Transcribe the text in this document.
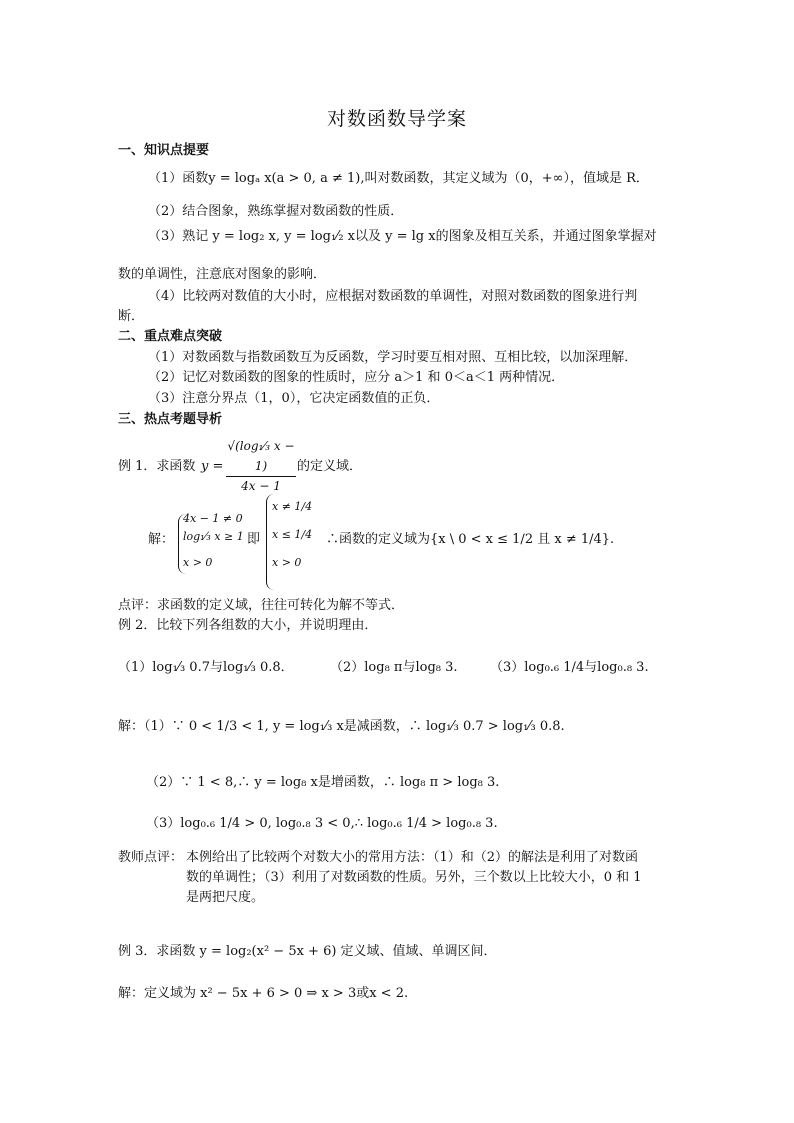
对数函数导学案
一、知识点提要
（1）函数y = logₐ x(a > 0, a ≠ 1),叫对数函数，其定义域为（0，+∞），值域是 R．
（2）结合图象，熟练掌握对数函数的性质．
（3）熟记 y = log₂ x, y = log₁⁄₂ x以及 y = lg x的图象及相互关系，并通过图象掌握对
数的单调性，注意底对图象的影响．
（4）比较两对数值的大小时，应根据对数函数的单调性，对照对数函数的图象进行判
断．
二、重点难点突破
（1）对数函数与指数函数互为反函数，学习时要互相对照、互相比较，以加深理解．
（2）记忆对数函数的图象的性质时，应分 a＞1 和 0＜a＜1 两种情况．
（3）注意分界点（1，0），它决定函数值的正负．
三、热点考题导析
例 1．求函数 $y = \frac{\text{√(log₁⁄₃ x − 1)}}{4x - 1}$ 的定义域．
解：
4x − 1 ≠ 0
log₁⁄₃ x ≥ 1
x > 0
即
x ≠ 1/4
x ≤ 1/4
x > 0
∴函数的定义域为{x \ 0 < x ≤ 1/2 且 x ≠ 1/4}.
点评：求函数的定义域，往往可转化为解不等式．
例 2．比较下列各组数的大小，并说明理由．
（1）log₁⁄₃ 0.7与log₁⁄₃ 0.8．	（2）log₈ π与log₈ 3. （3）log₀.₆ 1/4与log₀.₈ 3.
解：（1）∵ 0 < 1/3 < 1, y = log₁⁄₃ x是减函数，∴ log₁⁄₃ 0.7 > log₁⁄₃ 0.8.
（2）∵ 1 < 8,∴ y = log₈ x是增函数，∴ log₈ π > log₈ 3.
（3）log₀.₆ 1/4 > 0, log₀.₈ 3 < 0,∴ log₀.₆ 1/4 > log₀.₈ 3.
教师点评： 本例给出了比较两个对数大小的常用方法：（1）和（2）的解法是利用了对数函
数的单调性；（3）利用了对数函数的性质。另外，三个数以上比较大小，0 和 1
是两把尺度。
例 3．求函数 y = log₂(x² − 5x + 6) 定义域、值域、单调区间．
解：定义域为 x² − 5x + 6 > 0 ⇒ x > 3或x < 2.
